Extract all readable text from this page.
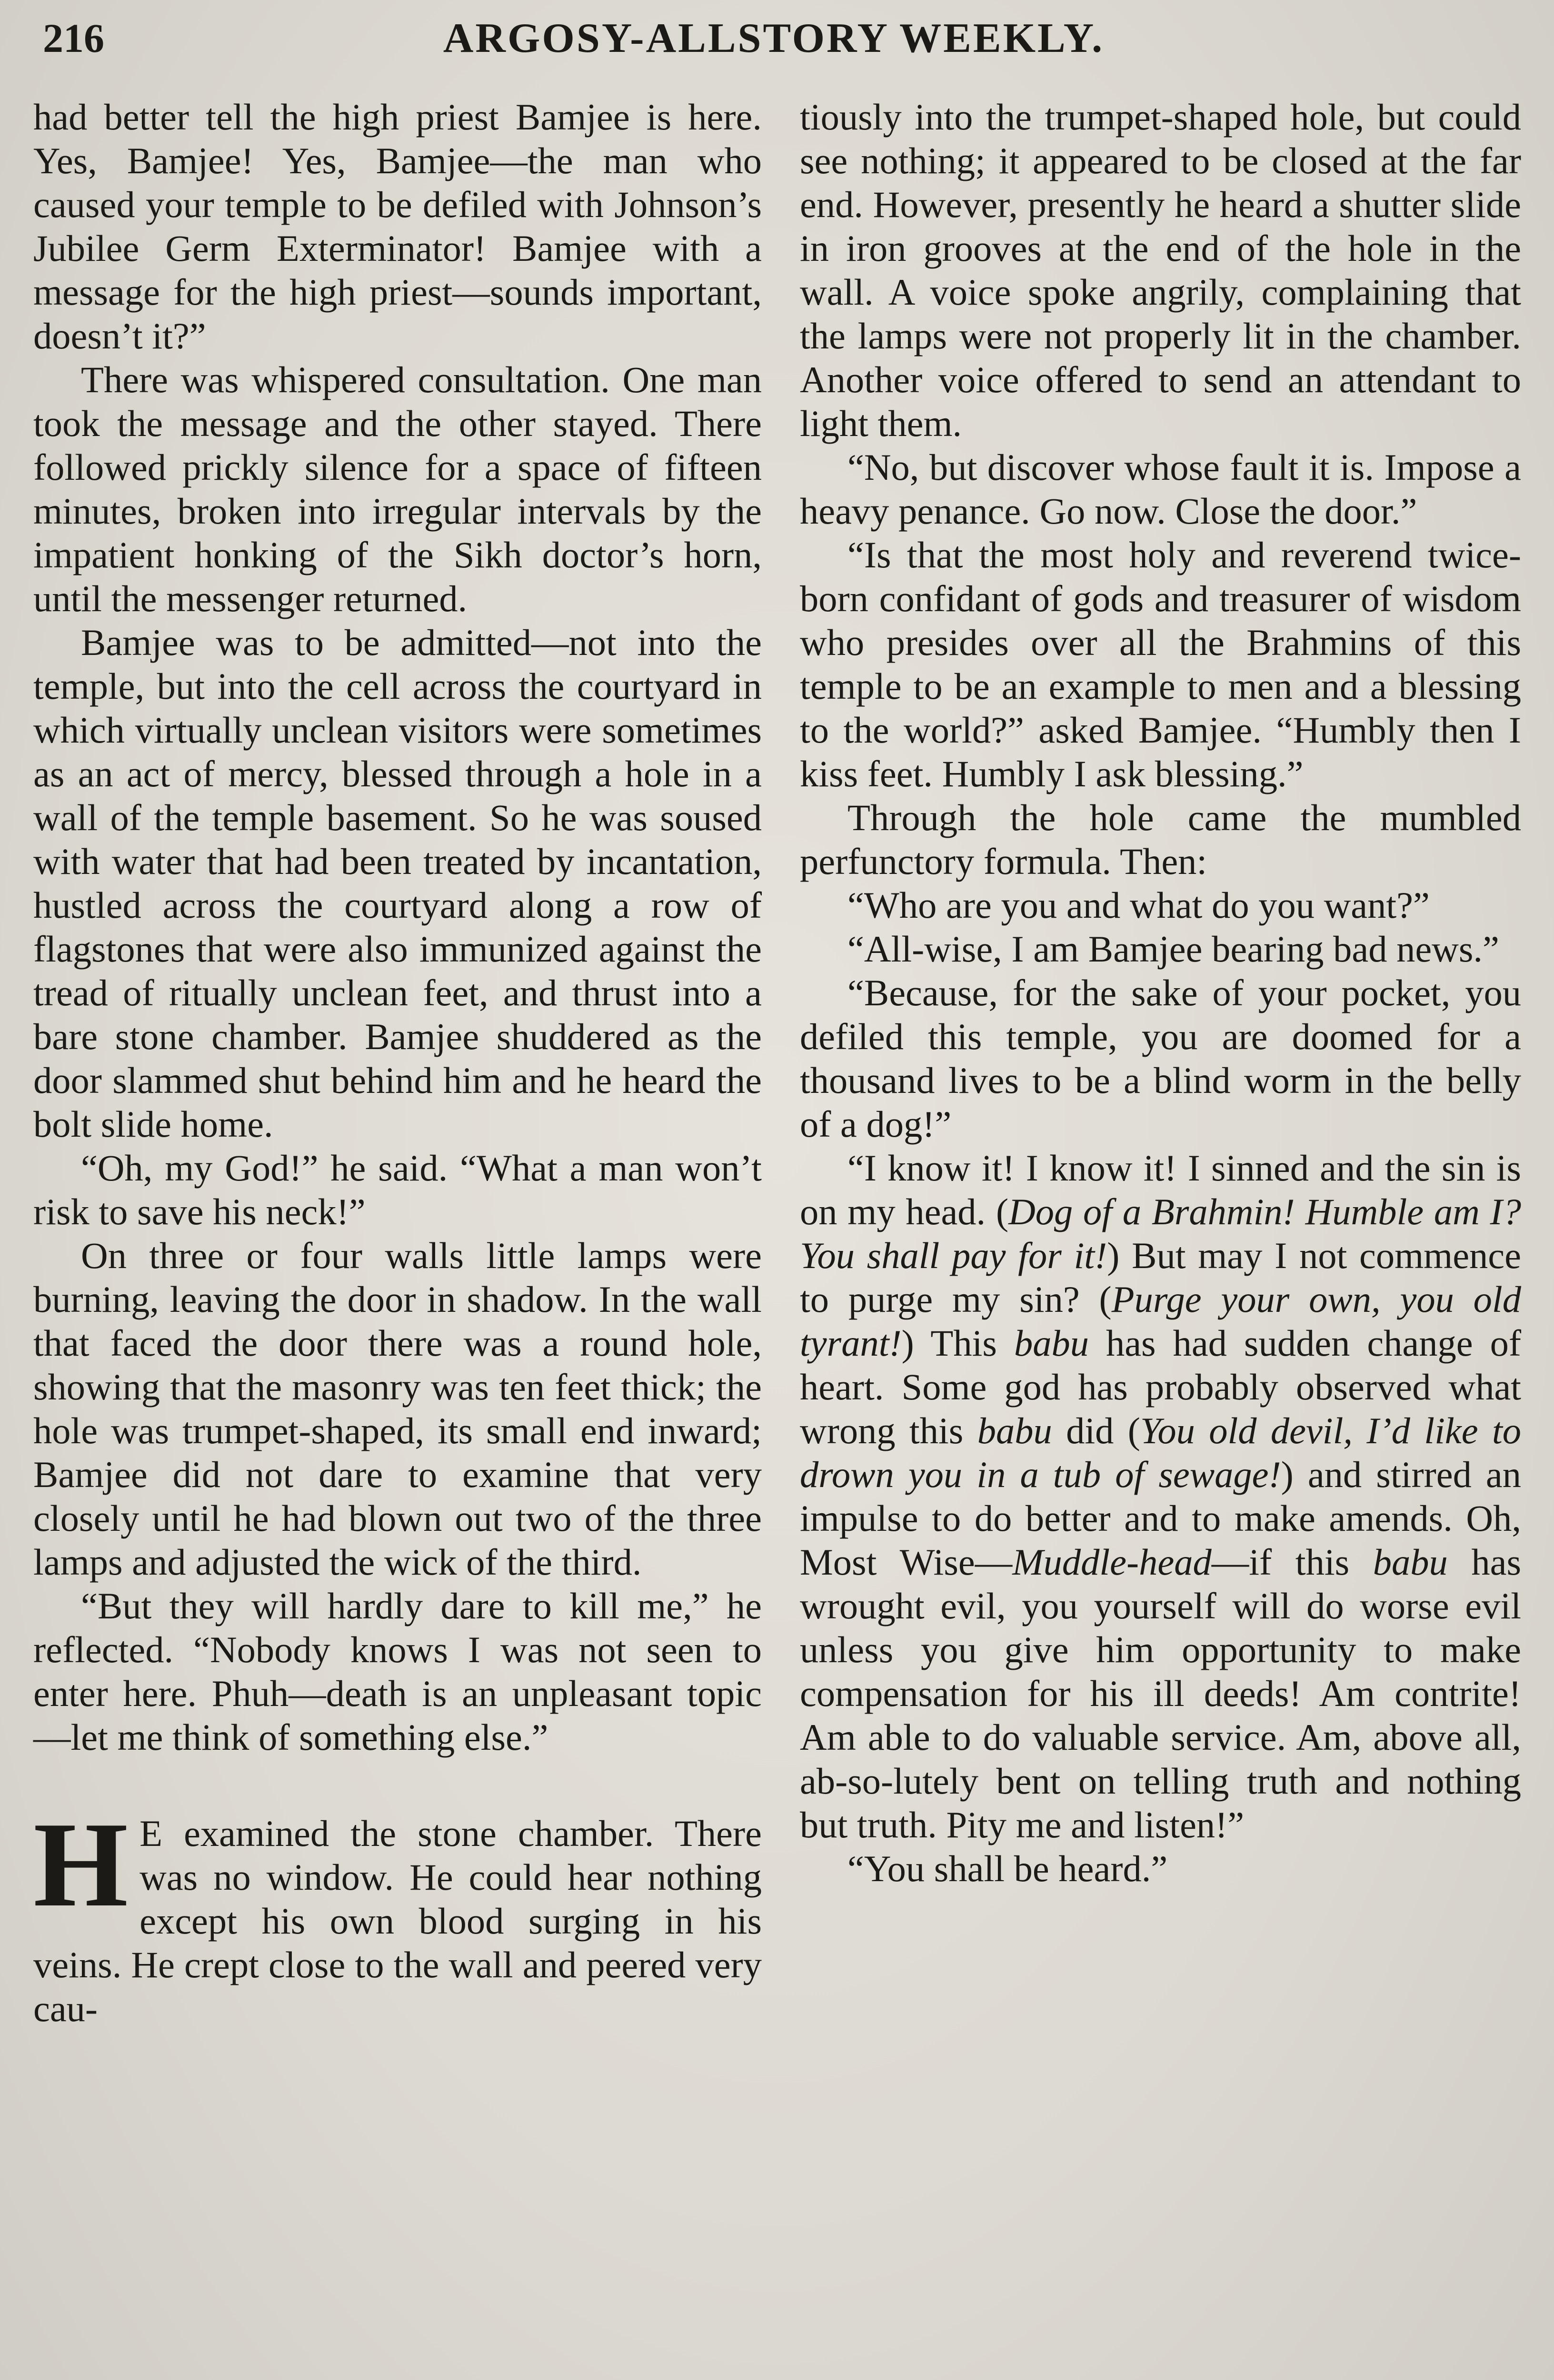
216	ARGOSY-ALLSTORY WEEKLY.

had better tell the high priest Bamjee is here. Yes, Bamjee! Yes, Bamjee—the man who caused your temple to be defiled with Johnson’s Jubilee Germ Exterminator! Bamjee with a message for the high priest—sounds important, doesn’t it?”

There was whispered consultation. One man took the message and the other stayed. There followed prickly silence for a space of fifteen minutes, broken into irregular intervals by the impatient honking of the Sikh doctor’s horn, until the messenger returned.

Bamjee was to be admitted—not into the temple, but into the cell across the courtyard in which virtually unclean visitors were sometimes as an act of mercy, blessed through a hole in a wall of the temple basement. So he was soused with water that had been treated by incantation, hustled across the courtyard along a row of flagstones that were also immunized against the tread of ritually unclean feet, and thrust into a bare stone chamber. Bamjee shuddered as the door slammed shut behind him and he heard the bolt slide home.

“Oh, my God!” he said. “What a man won’t risk to save his neck!”

On three or four walls little lamps were burning, leaving the door in shadow. In the wall that faced the door there was a round hole, showing that the masonry was ten feet thick; the hole was trumpet-shaped, its small end inward; Bamjee did not dare to examine that very closely until he had blown out two of the three lamps and adjusted the wick of the third.

“But they will hardly dare to kill me,” he reflected. “Nobody knows I was not seen to enter here. Phuh—death is an unpleasant topic—let me think of something else.”

H E examined the stone chamber. There was no window. He could hear nothing except his own blood surging in his veins. He crept close to the wall and peered very cau-

tiously into the trumpet-shaped hole, but could see nothing; it appeared to be closed at the far end. However, presently he heard a shutter slide in iron grooves at the end of the hole in the wall. A voice spoke angrily, complaining that the lamps were not properly lit in the chamber. Another voice offered to send an attendant to light them.

“No, but discover whose fault it is. Impose a heavy penance. Go now. Close the door.”

“Is that the most holy and reverend twice-born confidant of gods and treasurer of wisdom who presides over all the Brahmins of this temple to be an example to men and a blessing to the world?” asked Bamjee. “Humbly then I kiss feet. Humbly I ask blessing.”

Through the hole came the mumbled perfunctory formula. Then:

“Who are you and what do you want?”

“All-wise, I am Bamjee bearing bad news.”

“Because, for the sake of your pocket, you defiled this temple, you are doomed for a thousand lives to be a blind worm in the belly of a dog!”

“I know it! I know it! I sinned and the sin is on my head. (Dog of a Brahmin! Humble am I? You shall pay for it!) But may I not commence to purge my sin? (Purge your own, you old tyrant!) This babu has had sudden change of heart. Some god has probably observed what wrong this babu did (You old devil, I’d like to drown you in a tub of sewage!) and stirred an impulse to do better and to make amends. Oh, Most Wise—Muddle-head—if this babu has wrought evil, you yourself will do worse evil unless you give him opportunity to make compensation for his ill deeds! Am contrite! Am able to do valuable service. Am, above all, ab-so-lutely bent on telling truth and nothing but truth. Pity me and listen!”

“You shall be heard.”
